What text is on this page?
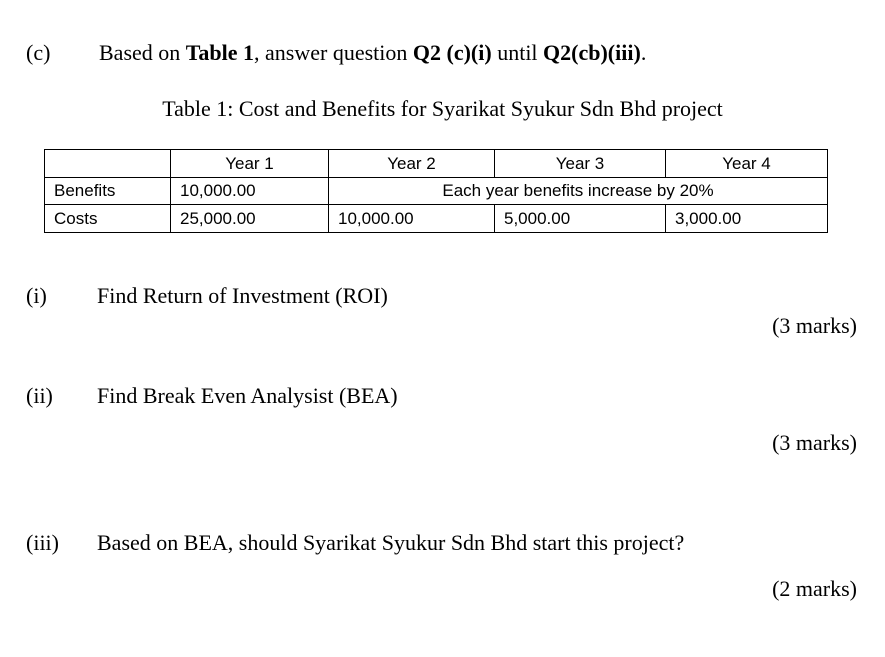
(c) Based on Table 1, answer question Q2 (c)(i) until Q2(cb)(iii).
Table 1: Cost and Benefits for Syarikat Syukur Sdn Bhd project
	Year 1	Year 2	Year 3	Year 4
Benefits	10,000.00	Each year benefits increase by 20%		
Costs	25,000.00	10,000.00	5,000.00	3,000.00
(i) Find Return of Investment (ROI)
(3 marks)
(ii) Find Break Even Analysist (BEA)
(3 marks)
(iii) Based on BEA, should Syarikat Syukur Sdn Bhd start this project?
(2 marks)
